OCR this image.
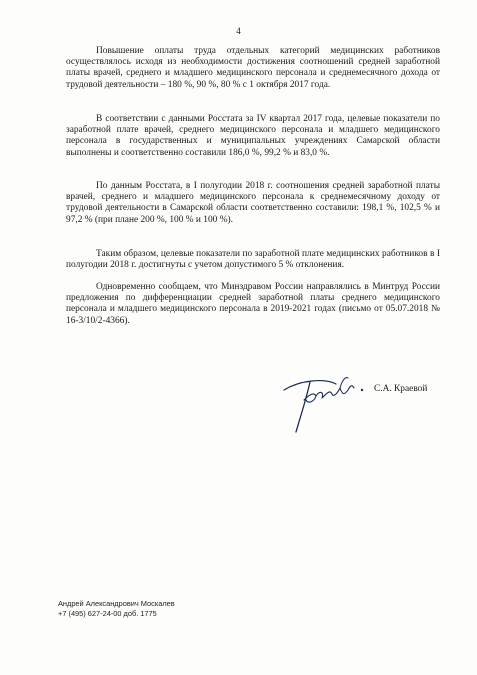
4

Повышение оплаты труда отдельных категорий медицинских работников осуществлялось исходя из необходимости достижения соотношений средней заработной платы врачей, среднего и младшего медицинского персонала и среднемесячного дохода от трудовой деятельности – 180 %, 90 %, 80 % с 1 октября 2017 года.

В соответствии с данными Росстата за IV квартал 2017 года, целевые показатели по заработной плате врачей, среднего медицинского персонала и младшего медицинского персонала в государственных и муниципальных учреждениях Самарской области выполнены и соответственно составили 186,0 %, 99,2 % и 83,0 %.

По данным Росстата, в I полугодии 2018 г. соотношения средней заработной платы врачей, среднего и младшего медицинского персонала к среднемесячному доходу от трудовой деятельности в Самарской области соответственно составили: 198,1 %, 102,5 % и 97,2 % (при плане 200 %, 100 % и 100 %).

Таким образом, целевые показатели по заработной плате медицинских работников в I полугодии 2018 г. достигнуты с учетом допустимого 5 % отклонения.

Одновременно сообщаем, что Минздравом России направлялись в Минтруд России предложения по дифференциации средней заработной платы среднего медицинского персонала и младшего медицинского персонала в 2019-2021 годах (письмо от 05.07.2018 № 16-3/10/2-4366).

С.А. Краевой
Андрей Александрович Москалев
+7 (495) 627-24-00 доб. 1775
